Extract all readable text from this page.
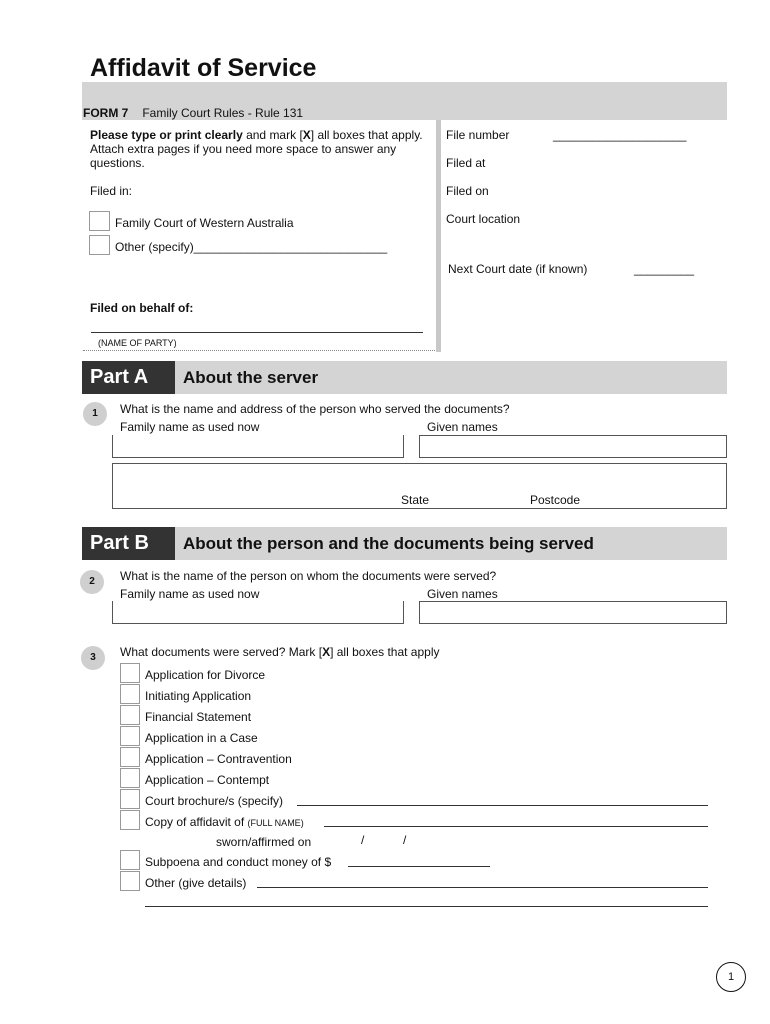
Affidavit of Service
FORM 7 Family Court Rules - Rule 131
Please type or print clearly and mark [X] all boxes that apply. Attach extra pages if you need more space to answer any questions.
Filed in:
Family Court of Western Australia
Other (specify)_____________________________
Filed on behalf of:
(NAME OF PARTY)
File number	____________________
Filed at
Filed on
Court location
Next Court date (if known)	_________
Part A	About the server
1	What is the name and address of the person who served the documents?
Family name as used now	Given names
State	Postcode
Part B	About the person and the documents being served
2	What is the name of the person on whom the documents were served?
Family name as used now	Given names
3	What documents were served? Mark [X] all boxes that apply
Application for Divorce
Initiating Application
Financial Statement
Application in a Case
Application – Contravention
Application – Contempt
Court brochure/s (specify)
Copy of affidavit of (FULL NAME)
sworn/affirmed on	/	/
Subpoena and conduct money of $
Other (give details)
1
